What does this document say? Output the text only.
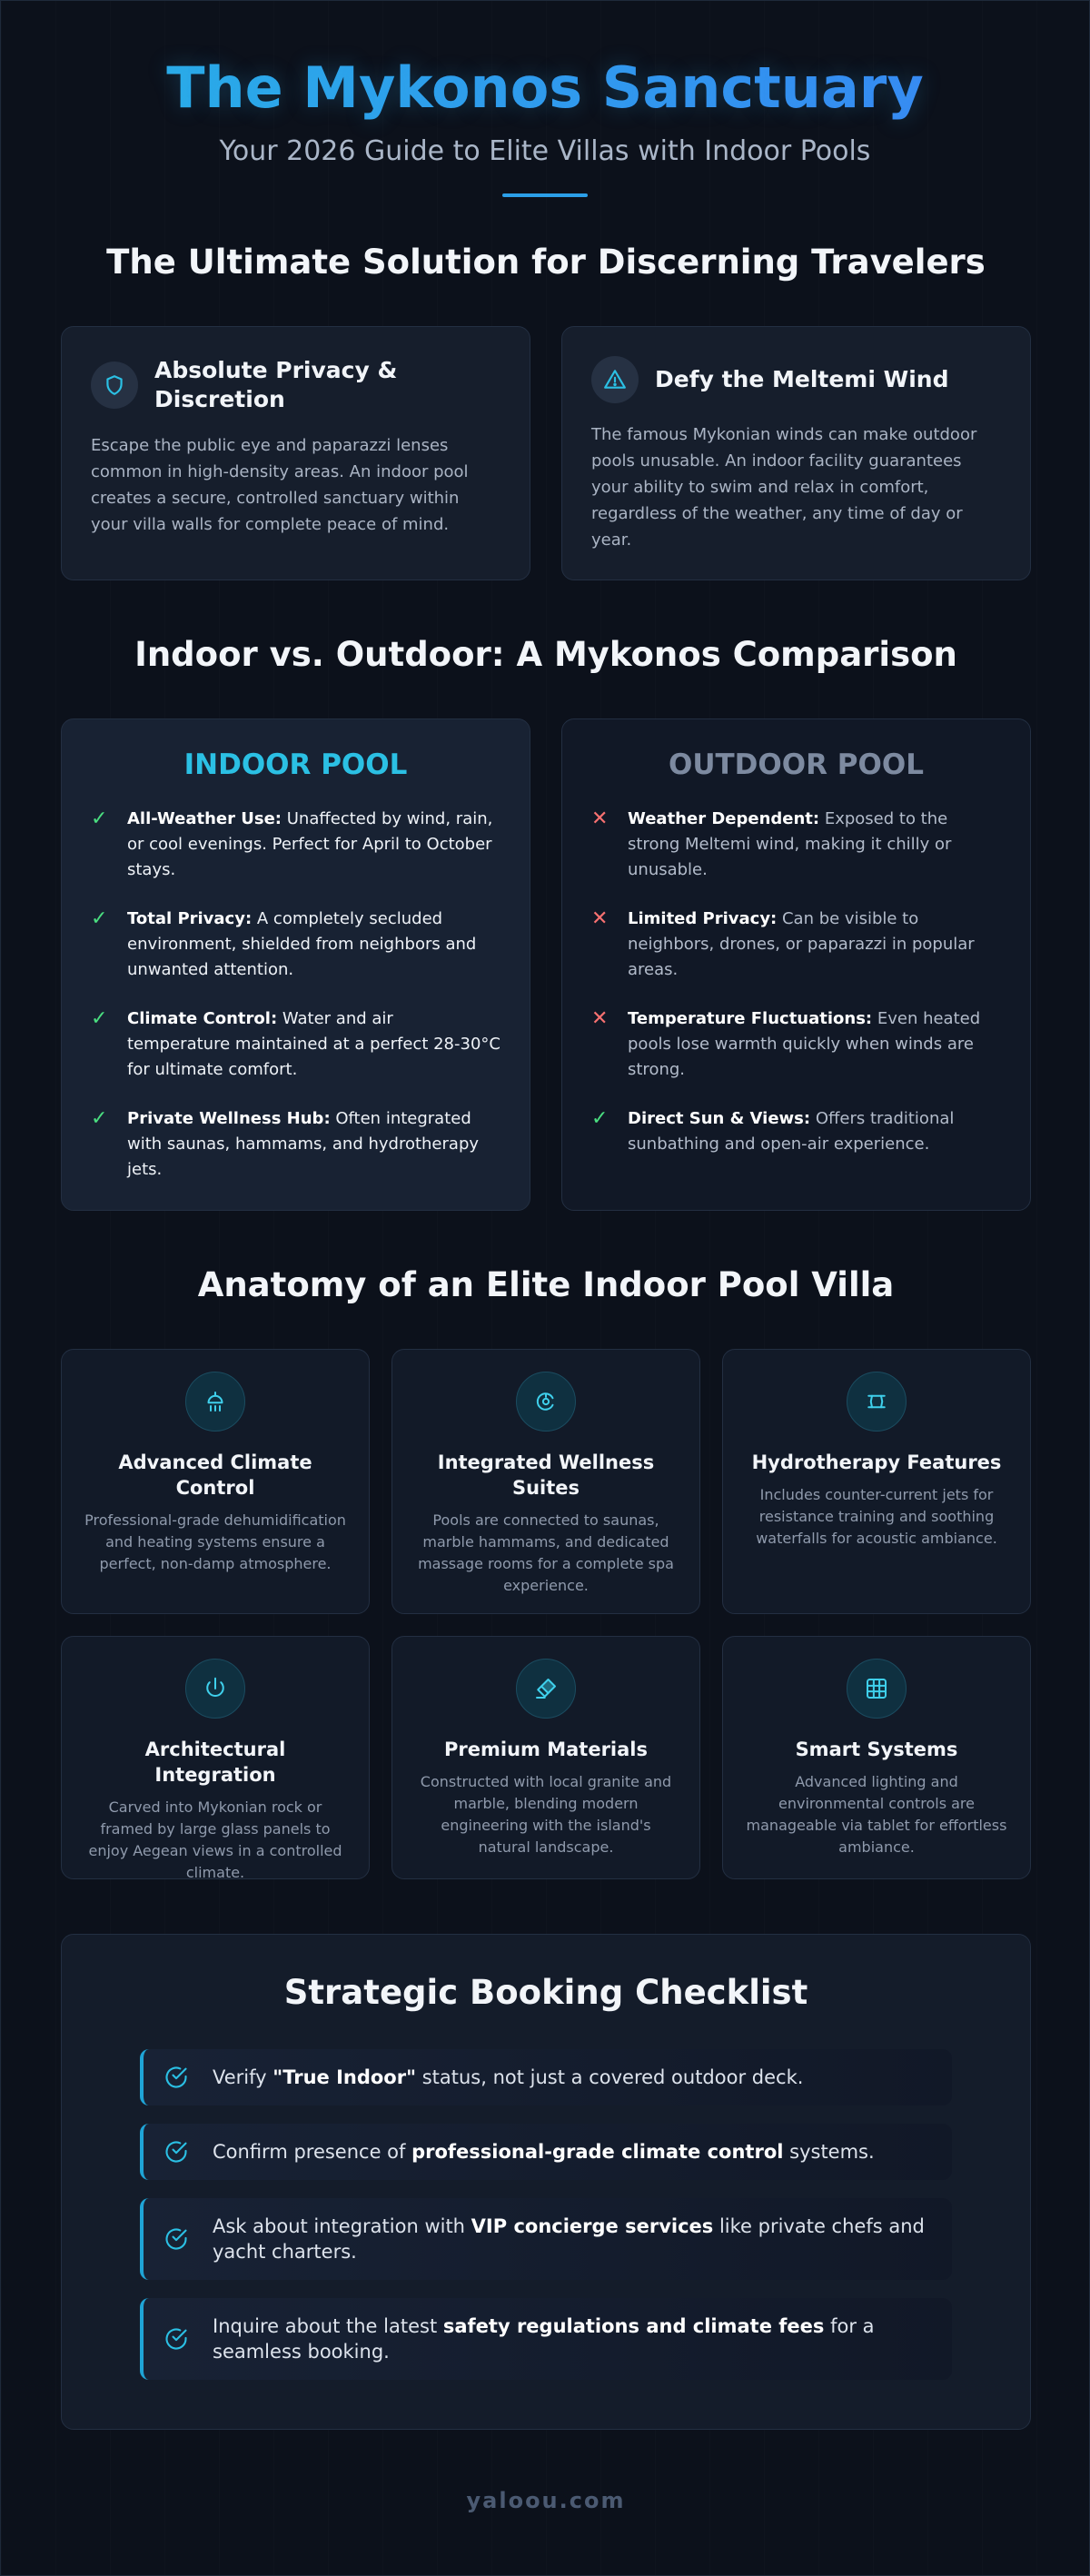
The Mykonos Sanctuary
Your 2026 Guide to Elite Villas with Indoor Pools
The Ultimate Solution for Discerning Travelers
Absolute Privacy & Discretion
Escape the public eye and paparazzi lenses common in high-density areas. An indoor pool creates a secure, controlled sanctuary within your villa walls for complete peace of mind.
Defy the Meltemi Wind
The famous Mykonian winds can make outdoor pools unusable. An indoor facility guarantees your ability to swim and relax in comfort, regardless of the weather, any time of day or year.
Indoor vs. Outdoor: A Mykonos Comparison
INDOOR POOL
✓ All-Weather Use: Unaffected by wind, rain, or cool evenings. Perfect for April to October stays.
✓ Total Privacy: A completely secluded environment, shielded from neighbors and unwanted attention.
✓ Climate Control: Water and air temperature maintained at a perfect 28-30°C for ultimate comfort.
✓ Private Wellness Hub: Often integrated with saunas, hammams, and hydrotherapy jets.
OUTDOOR POOL
✕ Weather Dependent: Exposed to the strong Meltemi wind, making it chilly or unusable.
✕ Limited Privacy: Can be visible to neighbors, drones, or paparazzi in popular areas.
✕ Temperature Fluctuations: Even heated pools lose warmth quickly when winds are strong.
✓ Direct Sun & Views: Offers traditional sunbathing and open-air experience.
Anatomy of an Elite Indoor Pool Villa
Advanced Climate Control
Professional-grade dehumidification and heating systems ensure a perfect, non-damp atmosphere.
Integrated Wellness Suites
Pools are connected to saunas, marble hammams, and dedicated massage rooms for a complete spa experience.
Hydrotherapy Features
Includes counter-current jets for resistance training and soothing waterfalls for acoustic ambiance.
Architectural Integration
Carved into Mykonian rock or framed by large glass panels to enjoy Aegean views in a controlled climate.
Premium Materials
Constructed with local granite and marble, blending modern engineering with the island's natural landscape.
Smart Systems
Advanced lighting and environmental controls are manageable via tablet for effortless ambiance.
Strategic Booking Checklist
Verify "True Indoor" status, not just a covered outdoor deck.
Confirm presence of professional-grade climate control systems.
Ask about integration with VIP concierge services like private chefs and yacht charters.
Inquire about the latest safety regulations and climate fees for a seamless booking.
yaloou.com
